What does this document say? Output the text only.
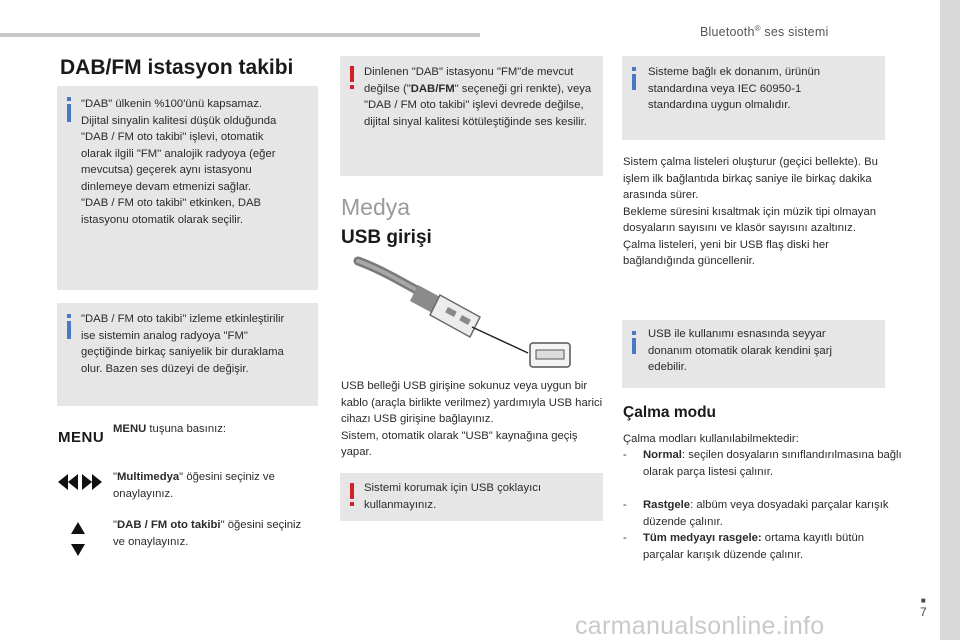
Bluetooth® ses sistemi
DAB/FM istasyon takibi
"DAB" ülkenin %100'ünü kapsamaz.
Dijital sinyalin kalitesi düşük olduğunda
"DAB / FM oto takibi" işlevi, otomatik
olarak ilgili "FM" analojik radyoya (eğer
mevcutsa) geçerek aynı istasyonu
dinlemeye devam etmenizi sağlar.
"DAB / FM oto takibi" etkinken, DAB
istasyonu otomatik olarak seçilir.
"DAB / FM oto takibi" izleme etkinleştirilir
ise sistemin analog radyoya "FM"
geçtiğinde birkaç saniyelik bir duraklama
olur. Bazen ses düzeyi de değişir.
MENU MENU tuşuna basınız:
"Multimedya" öğesini seçiniz ve onaylayınız.
"DAB / FM oto takibi" öğesini seçiniz ve onaylayınız.
Dinlenen "DAB" istasyonu "FM"de mevcut değilse ("DAB/FM" seçeneği gri renkte), veya "DAB / FM oto takibi" işlevi devrede değilse, dijital sinyal kalitesi kötüleştiğinde ses kesilir.
Medya
USB girişi
USB belleği USB girişine sokunuz veya uygun bir kablo (araçla birlikte verilmez) yardımıyla USB harici cihazı USB girişine bağlayınız.
Sistem, otomatik olarak "USB" kaynağına geçiş yapar.
Sistemi korumak için USB çoklayıcı kullanmayınız.
Sisteme bağlı ek donanım, ürünün
standardına veya IEC 60950-1
standardına uygun olmalıdır.
Sistem çalma listeleri oluşturur (geçici bellekte). Bu işlem ilk bağlantıda birkaç saniye ile birkaç dakika arasında sürer.
Bekleme süresini kısaltmak için müzik tipi olmayan dosyaların sayısını ve klasör sayısını azaltınız. Çalma listeleri, yeni bir USB flaş diski her bağlandığında güncellenir.
USB ile kullanımı esnasında seyyar
donanım otomatik olarak kendini şarj
edebilir.
Çalma modu
Çalma modları kullanılabilmektedir:
- Normal: seçilen dosyaların sınıflandırılmasına bağlı olarak parça listesi çalınır.
- Rastgele: albüm veya dosyadaki parçalar karışık düzende çalınır.
- Tüm medyayı rasgele: ortama kayıtlı bütün parçalar karışık düzende çalınır.
■
7
carmanualsonline.info
